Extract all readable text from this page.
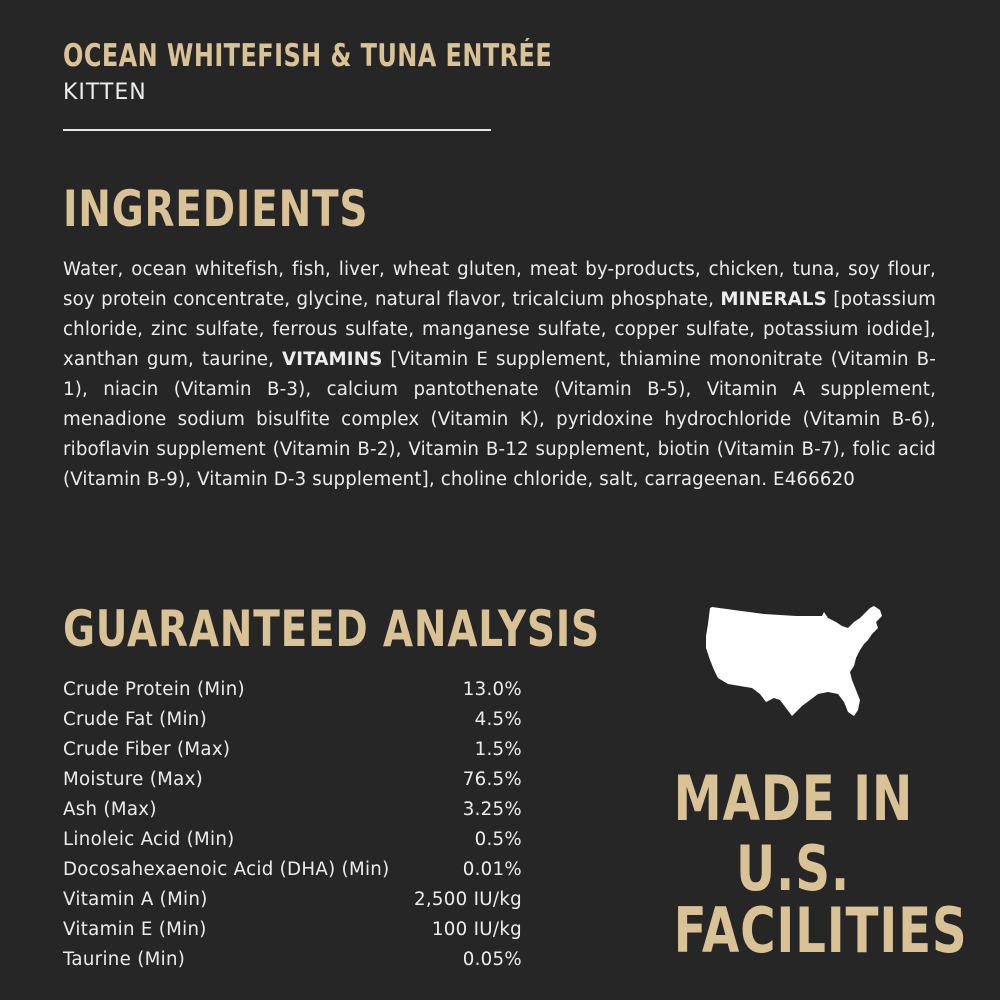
OCEAN WHITEFISH & TUNA ENTRÉE

KITTEN

INGREDIENTS

Water, ocean whitefish, fish, liver, wheat gluten, meat by-products, chicken, tuna, soy flour, soy protein concentrate, glycine, natural flavor, tricalcium phosphate, MINERALS [potassium chloride, zinc sulfate, ferrous sulfate, manganese sulfate, copper sulfate, potassium iodide], xanthan gum, taurine, VITAMINS [Vitamin E supplement, thiamine mononitrate (Vitamin B-1), niacin (Vitamin B-3), calcium pantothenate (Vitamin B-5), Vitamin A supplement, menadione sodium bisulfite complex (Vitamin K), pyridoxine hydrochloride (Vitamin B-6), riboflavin supplement (Vitamin B-2), Vitamin B-12 supplement, biotin (Vitamin B-7), folic acid (Vitamin B-9), Vitamin D-3 supplement], choline chloride, salt, carrageenan. E466620

GUARANTEED ANALYSIS
Crude Protein (Min)	13.0%
Crude Fat (Min)	4.5%
Crude Fiber (Max)	1.5%
Moisture (Max)	76.5%
Ash (Max)	3.25%
Linoleic Acid (Min)	0.5%
Docosahexaenoic Acid (DHA) (Min)	0.01%
Vitamin A (Min)	2,500 IU/kg
Vitamin E (Min)	100 IU/kg
Taurine (Min)	0.05%

MADE IN

U.S.

FACILITIES
